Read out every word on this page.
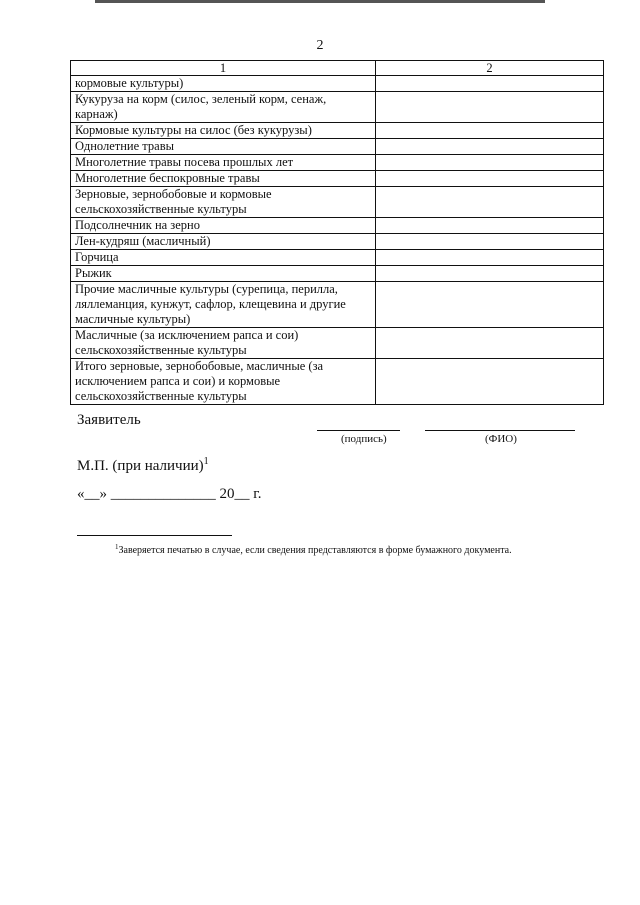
2
1	2
кормовые культуры)	
Кукуруза на корм (силос, зеленый корм, сенаж, карнаж)	
Кормовые культуры на силос (без кукурузы)	
Однолетние травы	
Многолетние травы посева прошлых лет	
Многолетние беспокровные травы	
Зерновые, зернобобовые и кормовые сельскохозяйственные культуры	
Подсолнечник на зерно	
Лен-кудряш (масличный)	
Горчица	
Рыжик	
Прочие масличные культуры (сурепица, перилла, ляллеманция, кунжут, сафлор, клещевина и другие масличные культуры)	
Масличные (за исключением рапса и сои) сельскохозяйственные культуры	
Итого зерновые, зернобобовые, масличные (за исключением рапса и сои) и кормовые сельскохозяйственные культуры	
Заявитель
(подпись)	(ФИО)
М.П. (при наличии)$^1$
«__» ______________ 20__ г.
$^1$Заверяется печатью в случае, если сведения представляются в форме бумажного документа.
